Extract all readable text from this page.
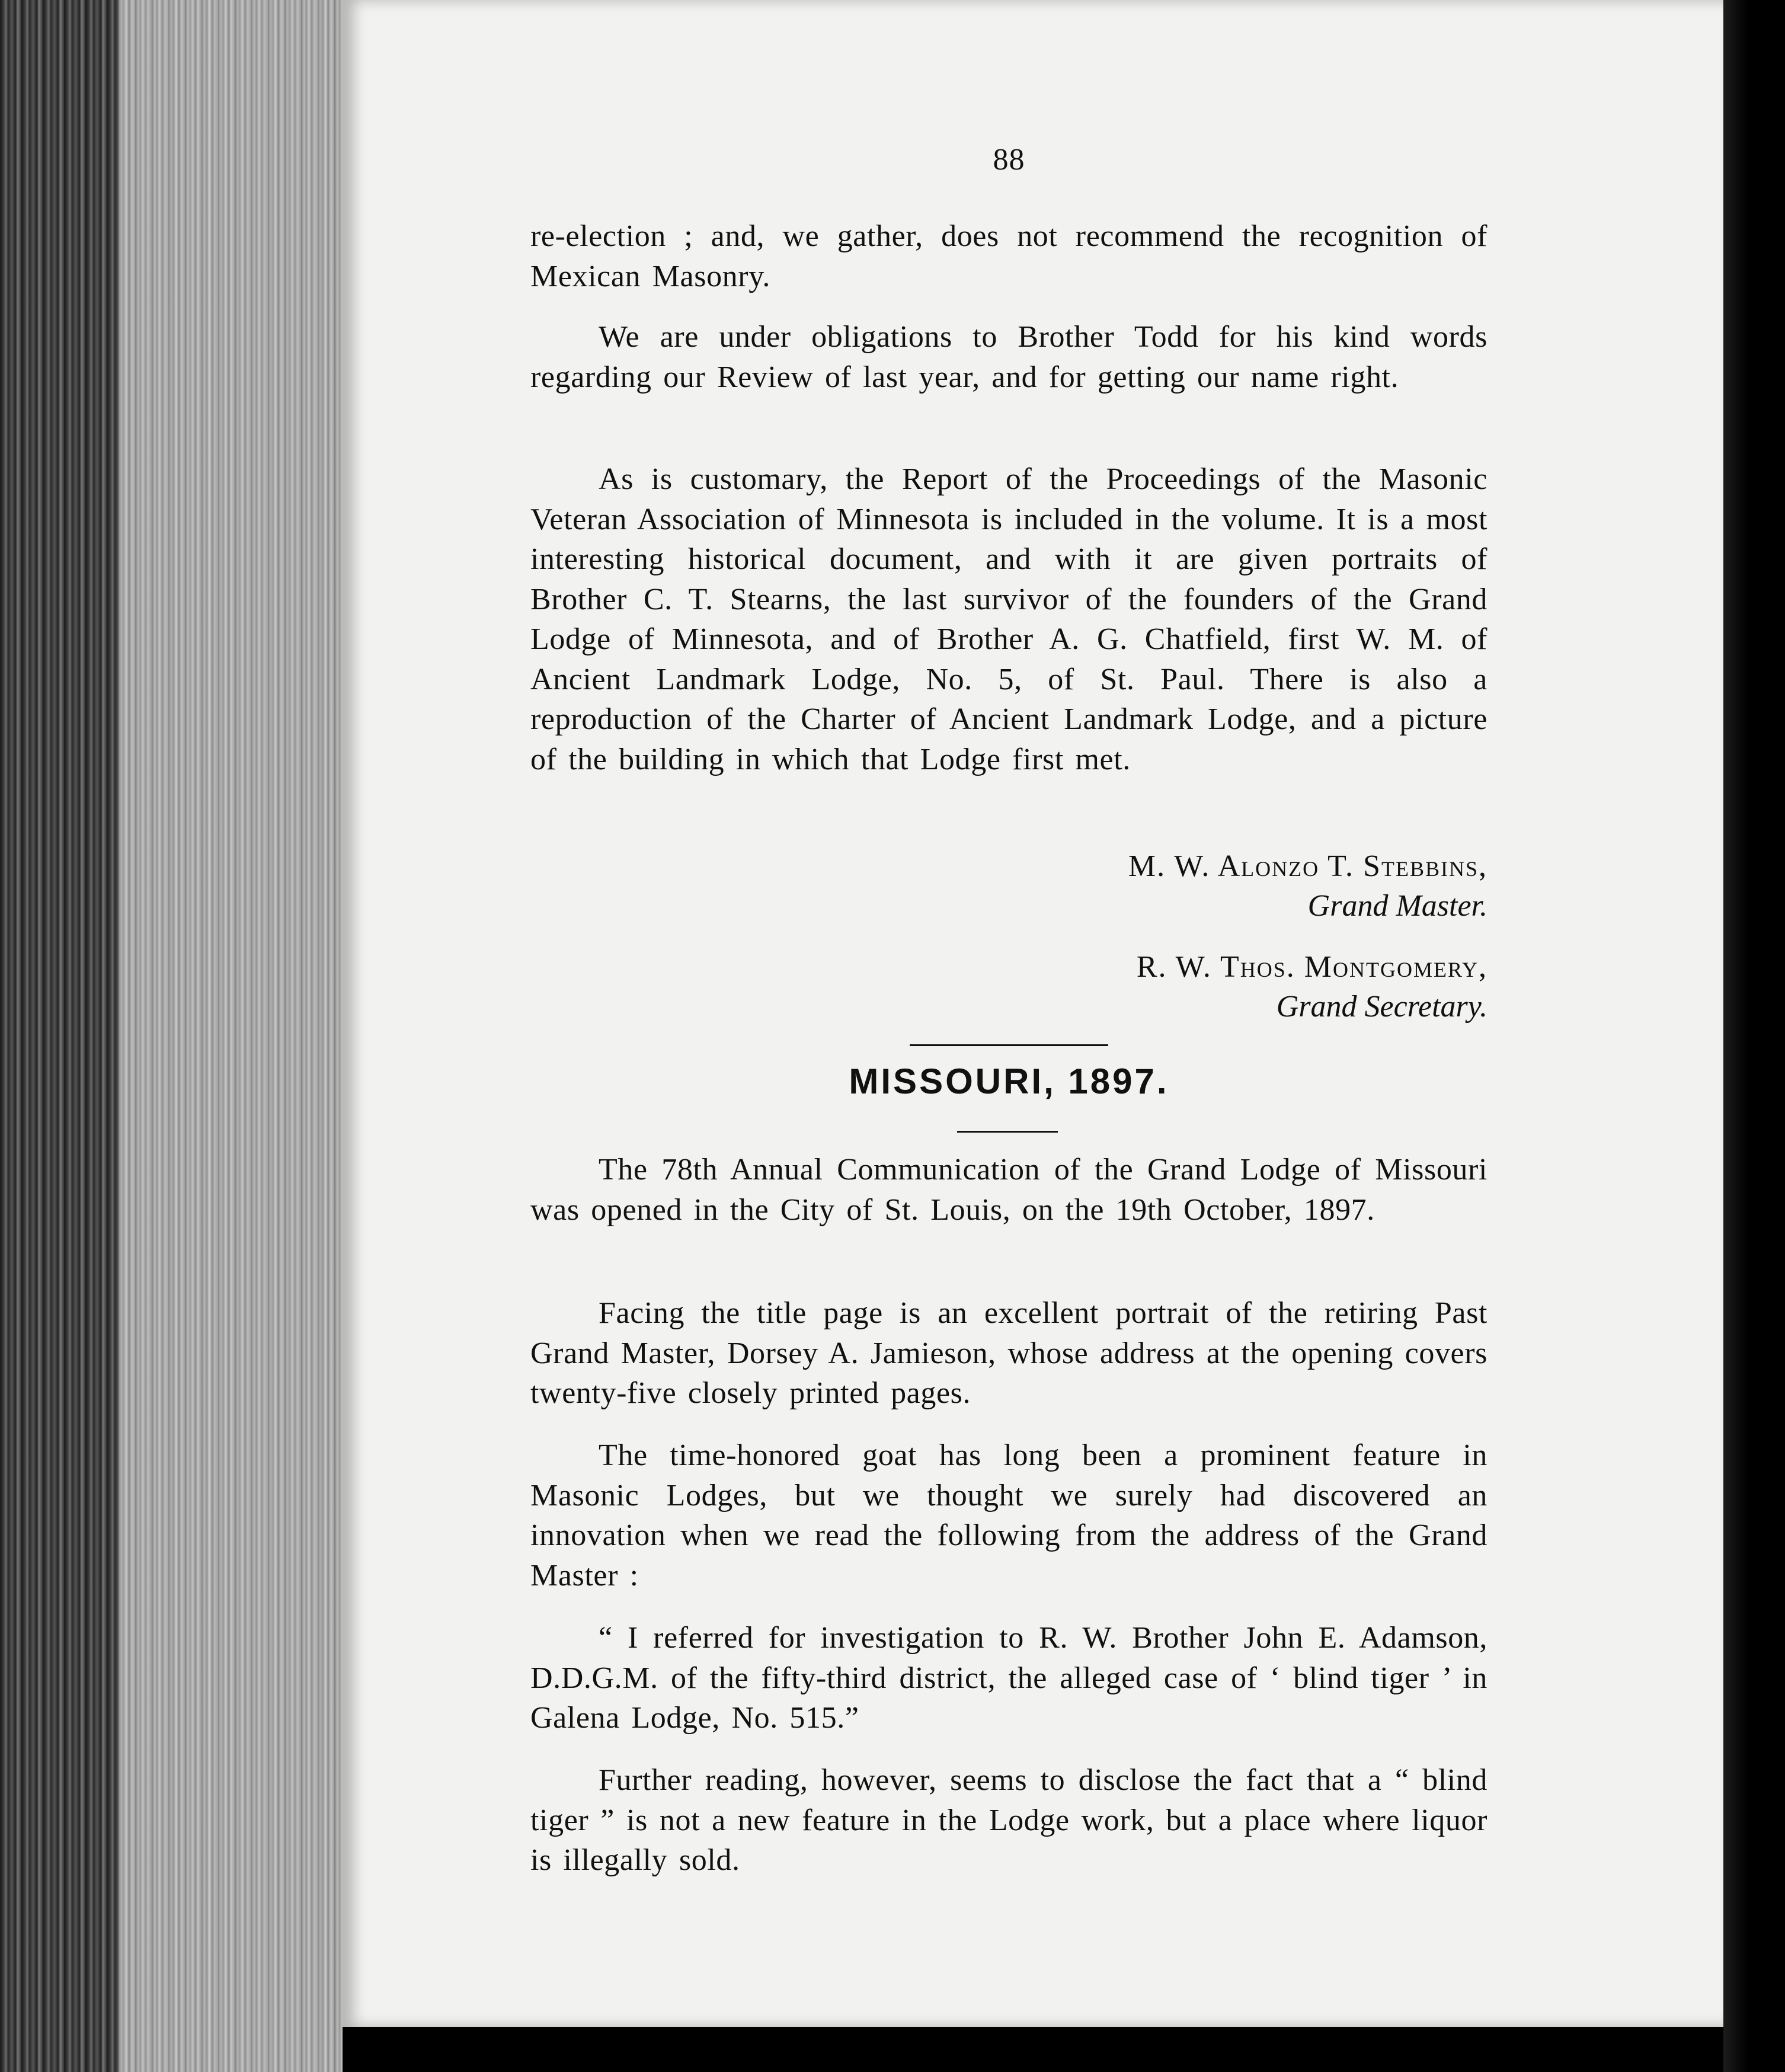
88
re-election ; and, we gather, does not recommend the recognition of Mexican Masonry.
We are under obligations to Brother Todd for his kind words regarding our Review of last year, and for getting our name right.
As is customary, the Report of the Proceedings of the Masonic Veteran Association of Minnesota is included in the volume. It is a most interesting historical document, and with it are given portraits of Brother C. T. Stearns, the last survivor of the founders of the Grand Lodge of Minnesota, and of Brother A. G. Chatfield, first W. M. of Ancient Landmark Lodge, No. 5, of St. Paul. There is also a reproduction of the Charter of Ancient Landmark Lodge, and a picture of the building in which that Lodge first met.
M. W. Alonzo T. Stebbins,
Grand Master.
R. W. Thos. Montgomery,
Grand Secretary.
MISSOURI, 1897.
The 78th Annual Communication of the Grand Lodge of Missouri was opened in the City of St. Louis, on the 19th October, 1897.
Facing the title page is an excellent portrait of the retiring Past Grand Master, Dorsey A. Jamieson, whose address at the opening covers twenty-five closely printed pages.
The time-honored goat has long been a prominent feature in Masonic Lodges, but we thought we surely had discovered an innovation when we read the following from the address of the Grand Master :
“ I referred for investigation to R. W. Brother John E. Adamson, D.D.G.M. of the fifty-third district, the alleged case of ‘ blind tiger ’ in Galena Lodge, No. 515.”
Further reading, however, seems to disclose the fact that a “ blind tiger ” is not a new feature in the Lodge work, but a place where liquor is illegally sold.
